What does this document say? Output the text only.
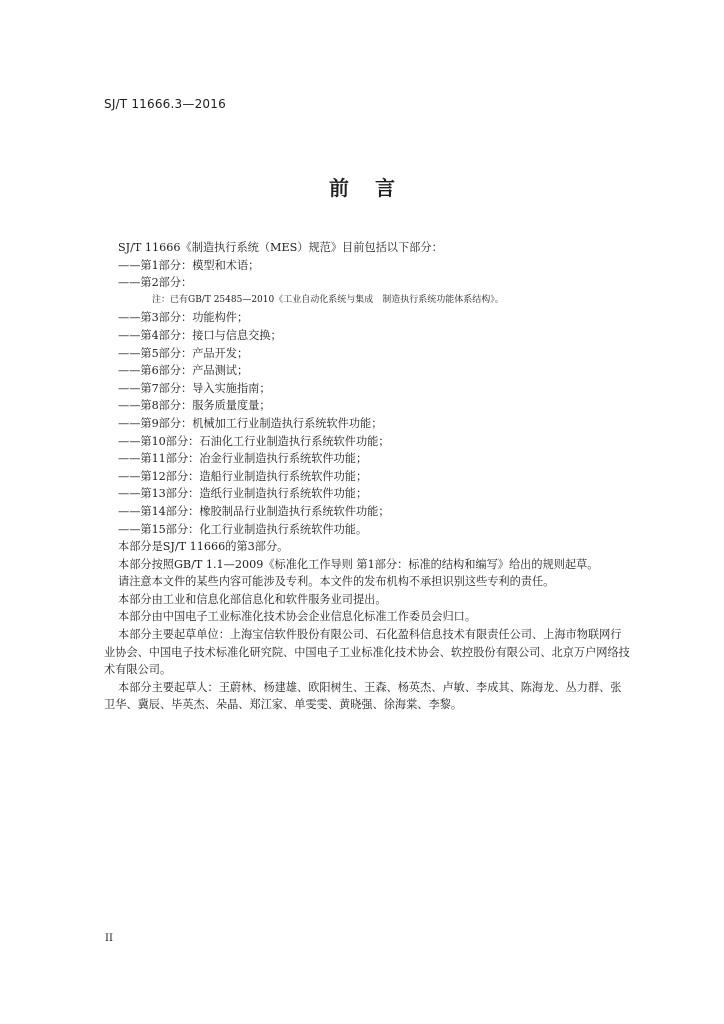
SJ/T 11666.3—2016
前言
SJ/T 11666《制造执行系统（MES）规范》目前包括以下部分：
——第1部分：模型和术语；
——第2部分：
注：已有GB/T 25485—2010《工业自动化系统与集成　制造执行系统功能体系结构》。
——第3部分：功能构件；
——第4部分：接口与信息交换；
——第5部分：产品开发；
——第6部分：产品测试；
——第7部分：导入实施指南；
——第8部分：服务质量度量；
——第9部分：机械加工行业制造执行系统软件功能；
——第10部分：石油化工行业制造执行系统软件功能；
——第11部分：冶金行业制造执行系统软件功能；
——第12部分：造船行业制造执行系统软件功能；
——第13部分：造纸行业制造执行系统软件功能；
——第14部分：橡胶制品行业制造执行系统软件功能；
——第15部分：化工行业制造执行系统软件功能。
本部分是SJ/T 11666的第3部分。
本部分按照GB/T 1.1—2009《标准化工作导则 第1部分：标准的结构和编写》给出的规则起草。
请注意本文件的某些内容可能涉及专利。本文件的发布机构不承担识别这些专利的责任。
本部分由工业和信息化部信息化和软件服务业司提出。
本部分由中国电子工业标准化技术协会企业信息化标准工作委员会归口。
本部分主要起草单位：上海宝信软件股份有限公司、石化盈科信息技术有限责任公司、上海市物联网行业协会、中国电子技术标准化研究院、中国电子工业标准化技术协会、软控股份有限公司、北京万户网络技术有限公司。
本部分主要起草人：王蔚林、杨建雄、欧阳树生、王森、杨英杰、卢敏、李成其、陈海龙、丛力群、张卫华、冀辰、毕英杰、朵晶、郑江家、单雯雯、黄晓强、徐海棠、李黎。
II
